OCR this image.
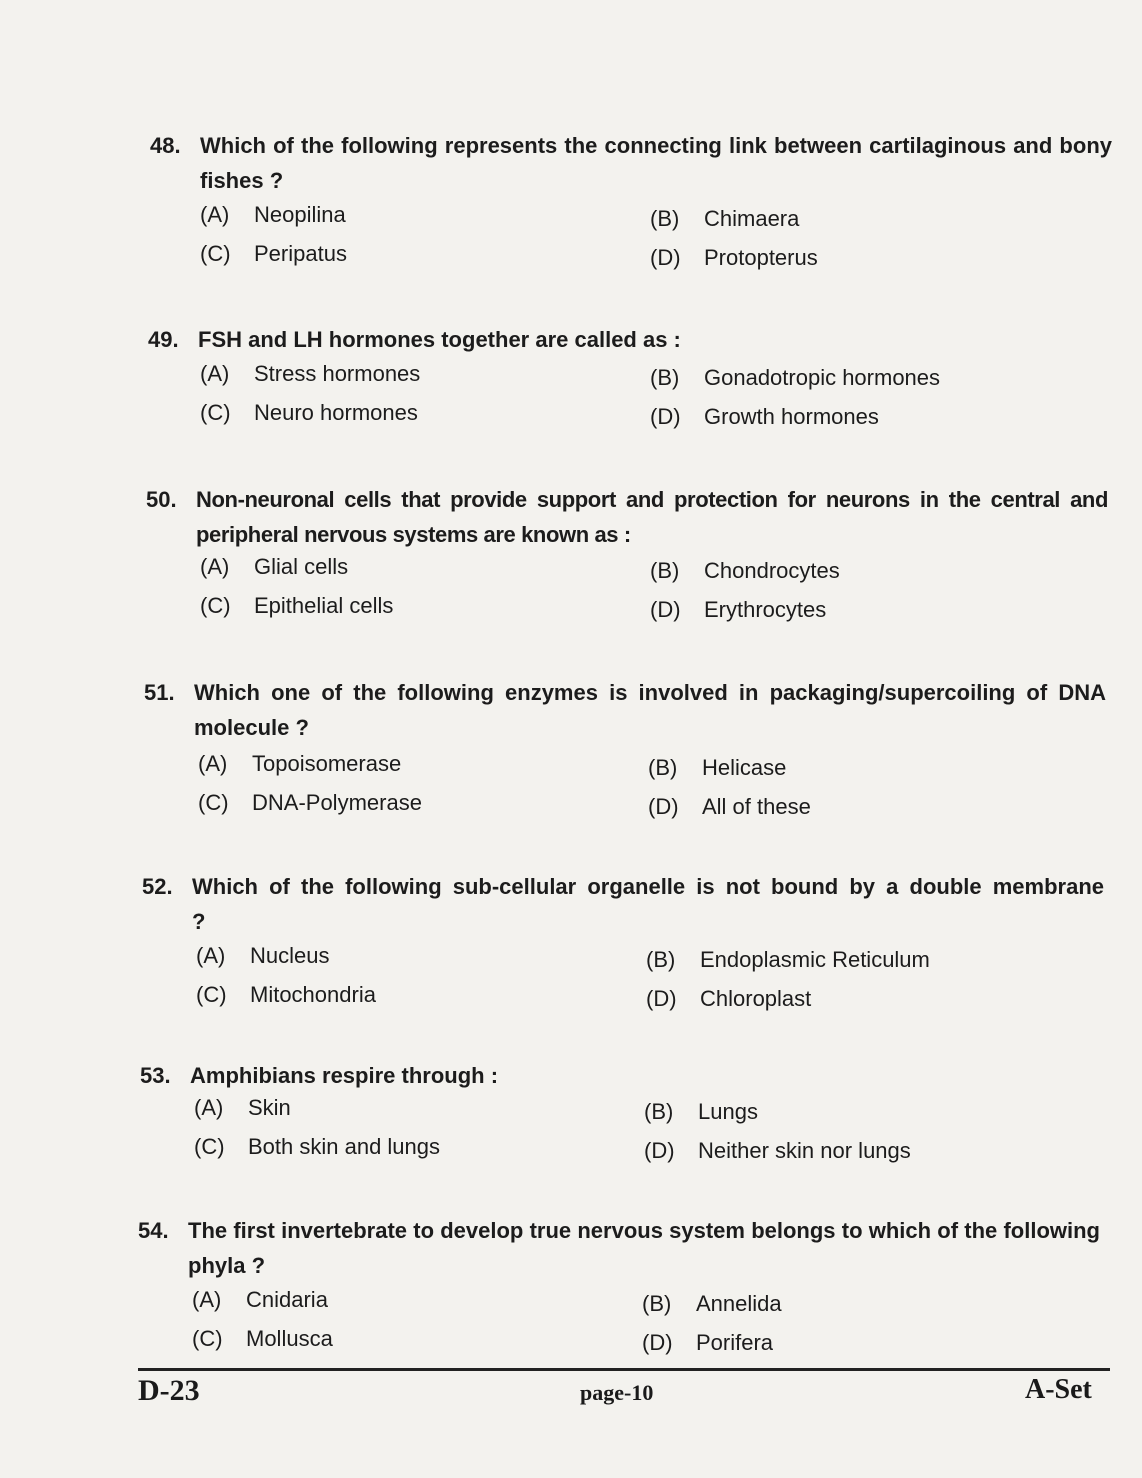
48. Which of the following represents the connecting link between cartilaginous and bony fishes ?
(A) Neopilina	(B) Chimaera
(C) Peripatus	(D) Protopterus
49. FSH and LH hormones together are called as :
(A) Stress hormones	(B) Gonadotropic hormones
(C) Neuro hormones	(D) Growth hormones
50. Non-neuronal cells that provide support and protection for neurons in the central and peripheral nervous systems are known as :
(A) Glial cells	(B) Chondrocytes
(C) Epithelial cells	(D) Erythrocytes
51. Which one of the following enzymes is involved in packaging/supercoiling of DNA molecule ?
(A) Topoisomerase	(B) Helicase
(C) DNA-Polymerase	(D) All of these
52. Which of the following sub-cellular organelle is not bound by a double membrane ?
(A) Nucleus	(B) Endoplasmic Reticulum
(C) Mitochondria	(D) Chloroplast
53. Amphibians respire through :
(A) Skin	(B) Lungs
(C) Both skin and lungs	(D) Neither skin nor lungs
54. The first invertebrate to develop true nervous system belongs to which of the following phyla ?
(A) Cnidaria	(B) Annelida
(C) Mollusca	(D) Porifera
D-23	page-10	A-Set
